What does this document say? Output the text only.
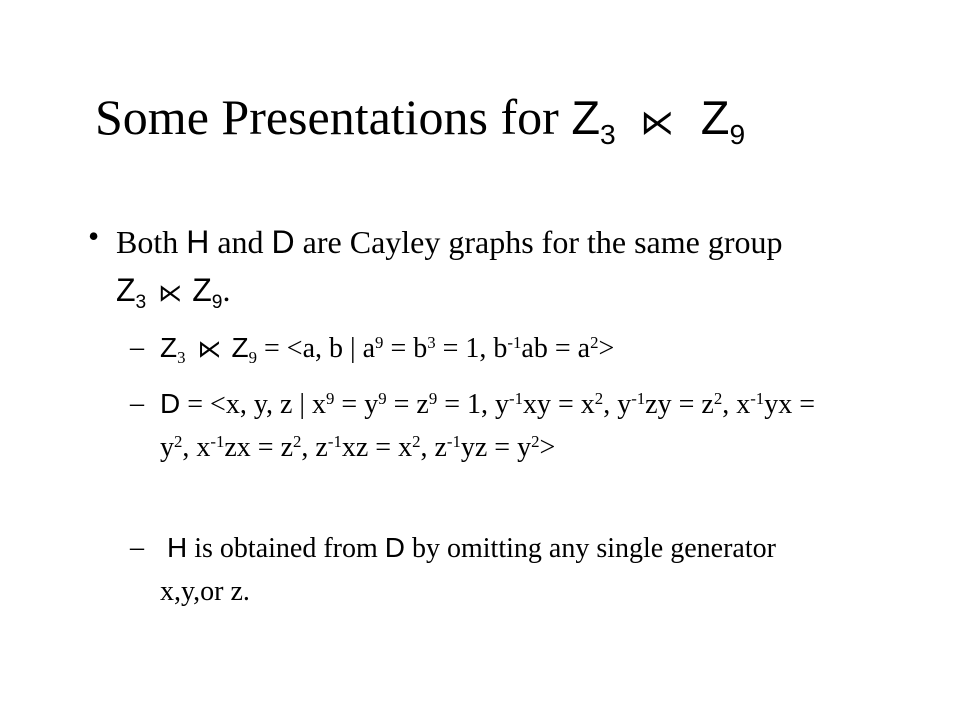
Some Presentations for $Z_3$ ⋉ $Z_9$
• Both H and D are Cayley graphs for the same group $Z_3$ ⋉ $Z_9$.
– $Z_3$ ⋉ $Z_9 = <a$, b | $a^9 = b^3 = 1$, $b^{-1}ab = a^2>$
– D = <x, y, z | $x^9 = y^9 = z^9 = 1$, $y^{-1}xy = x^2$, $y^{-1}zy = z^2$, $x^{-1}yx = y^2$, $x^{-1}zx = z^2$, $z^{-1}xz = x^2$, $z^{-1}yz = y^2>$
– H is obtained from D by omitting any single generator x,y,or z.
